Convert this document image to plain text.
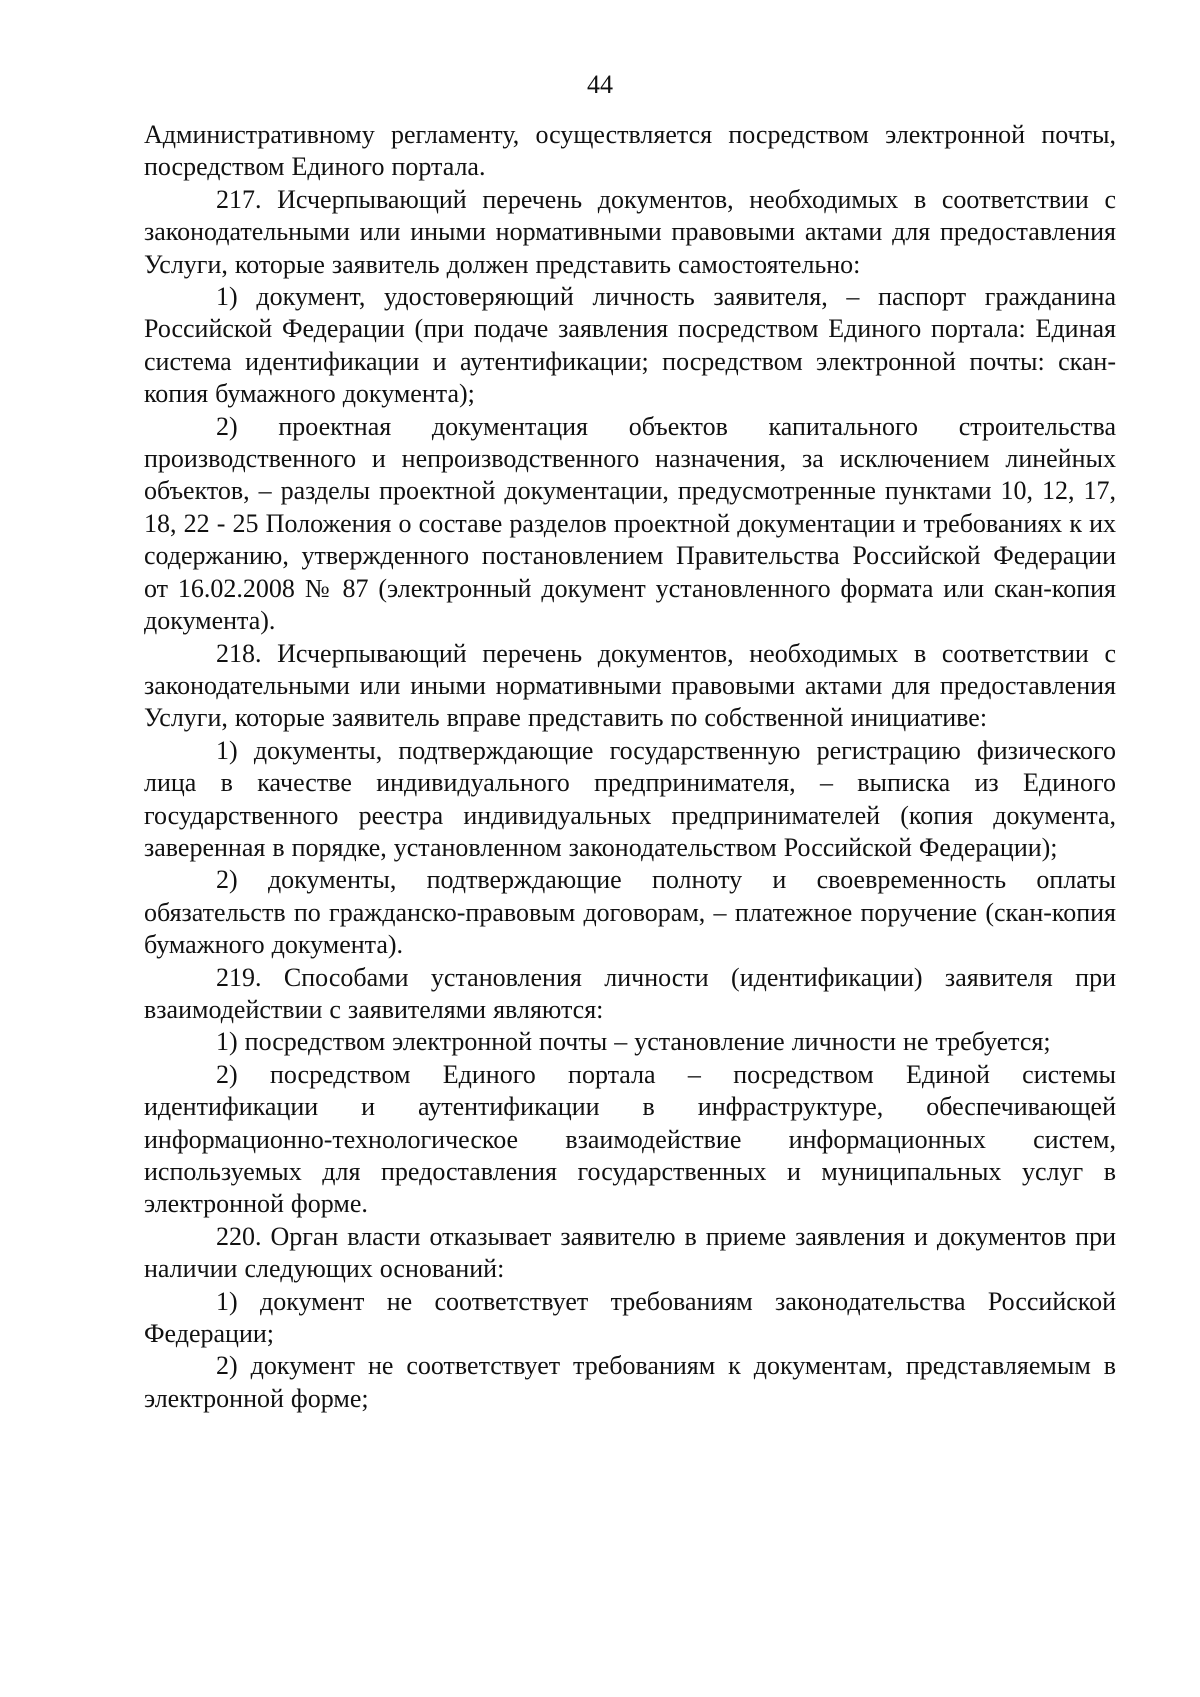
44

Административному регламенту, осуществляется посредством электронной почты, посредством Единого портала.

217. Исчерпывающий перечень документов, необходимых в соответствии с законодательными или иными нормативными правовыми актами для предоставления Услуги, которые заявитель должен представить самостоятельно:

1) документ, удостоверяющий личность заявителя, – паспорт гражданина Российской Федерации (при подаче заявления посредством Единого портала: Единая система идентификации и аутентификации; посредством электронной почты: скан-копия бумажного документа);

2) проектная документация объектов капитального строительства производственного и непроизводственного назначения, за исключением линейных объектов, – разделы проектной документации, предусмотренные пунктами 10, 12, 17, 18, 22 - 25 Положения о составе разделов проектной документации и требованиях к их содержанию, утвержденного постановлением Правительства Российской Федерации от 16.02.2008 № 87 (электронный документ установленного формата или скан-копия документа).

218. Исчерпывающий перечень документов, необходимых в соответствии с законодательными или иными нормативными правовыми актами для предоставления Услуги, которые заявитель вправе представить по собственной инициативе:

1) документы, подтверждающие государственную регистрацию физического лица в качестве индивидуального предпринимателя, – выписка из Единого государственного реестра индивидуальных предпринимателей (копия документа, заверенная в порядке, установленном законодательством Российской Федерации);

2) документы, подтверждающие полноту и своевременность оплаты обязательств по гражданско-правовым договорам, – платежное поручение (скан-копия бумажного документа).

219. Способами установления личности (идентификации) заявителя при взаимодействии с заявителями являются:

1) посредством электронной почты – установление личности не требуется;

2) посредством Единого портала – посредством Единой системы идентификации и аутентификации в инфраструктуре, обеспечивающей информационно-технологическое взаимодействие информационных систем, используемых для предоставления государственных и муниципальных услуг в электронной форме.

220. Орган власти отказывает заявителю в приеме заявления и документов при наличии следующих оснований:

1) документ не соответствует требованиям законодательства Российской Федерации;

2) документ не соответствует требованиям к документам, представляемым в электронной форме;
